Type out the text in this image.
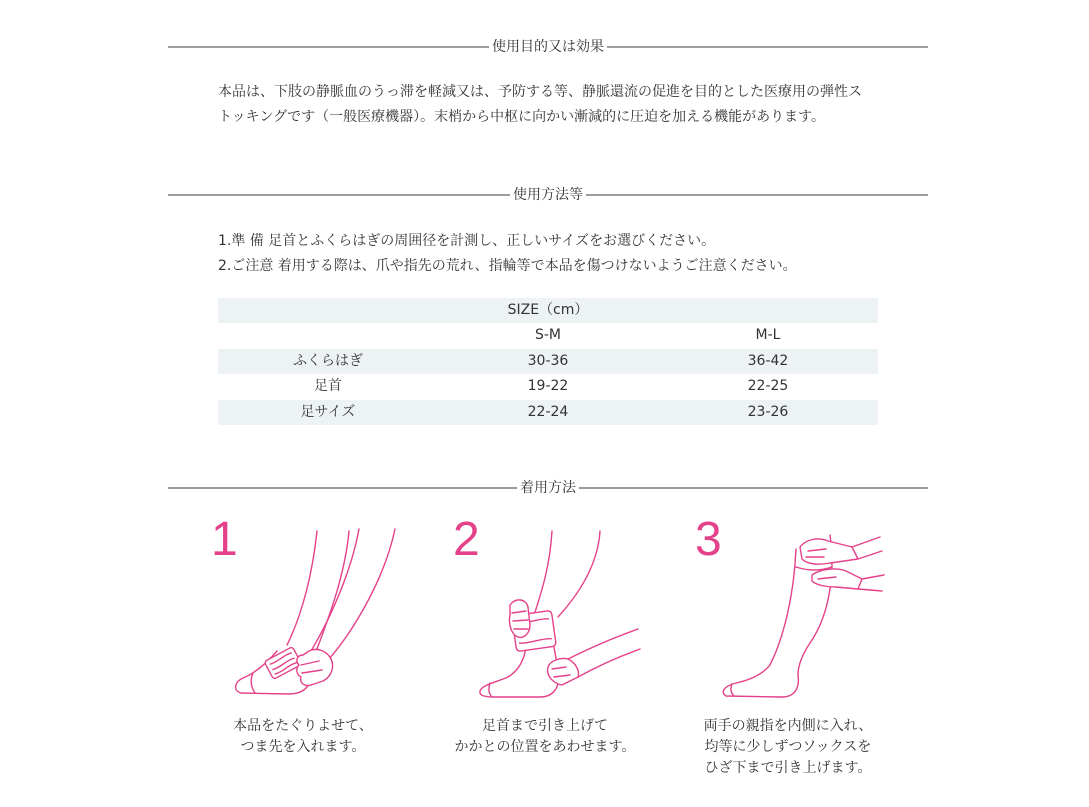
使用目的又は効果
本品は、下肢の静脈血のうっ滞を軽減又は、予防する等、静脈還流の促進を目的とした医療用の弾性ス
トッキングです（一般医療機器）。末梢から中枢に向かい漸減的に圧迫を加える機能があります。
使用方法等
1.準 備 足首とふくらはぎの周囲径を計測し、正しいサイズをお選びください。
2.ご注意 着用する際は、爪や指先の荒れ、指輪等で本品を傷つけないようご注意ください。
SIZE（cm）		
	S-M	M-L
ふくらはぎ	30-36	36-42
足首	19-22	22-25
足サイズ	22-24	23-26
着用方法
1
本品をたぐりよせて、
つま先を入れます。
2
足首まで引き上げて
かかとの位置をあわせます。
3
両手の親指を内側に入れ、
均等に少しずつソックスを
ひざ下まで引き上げます。
